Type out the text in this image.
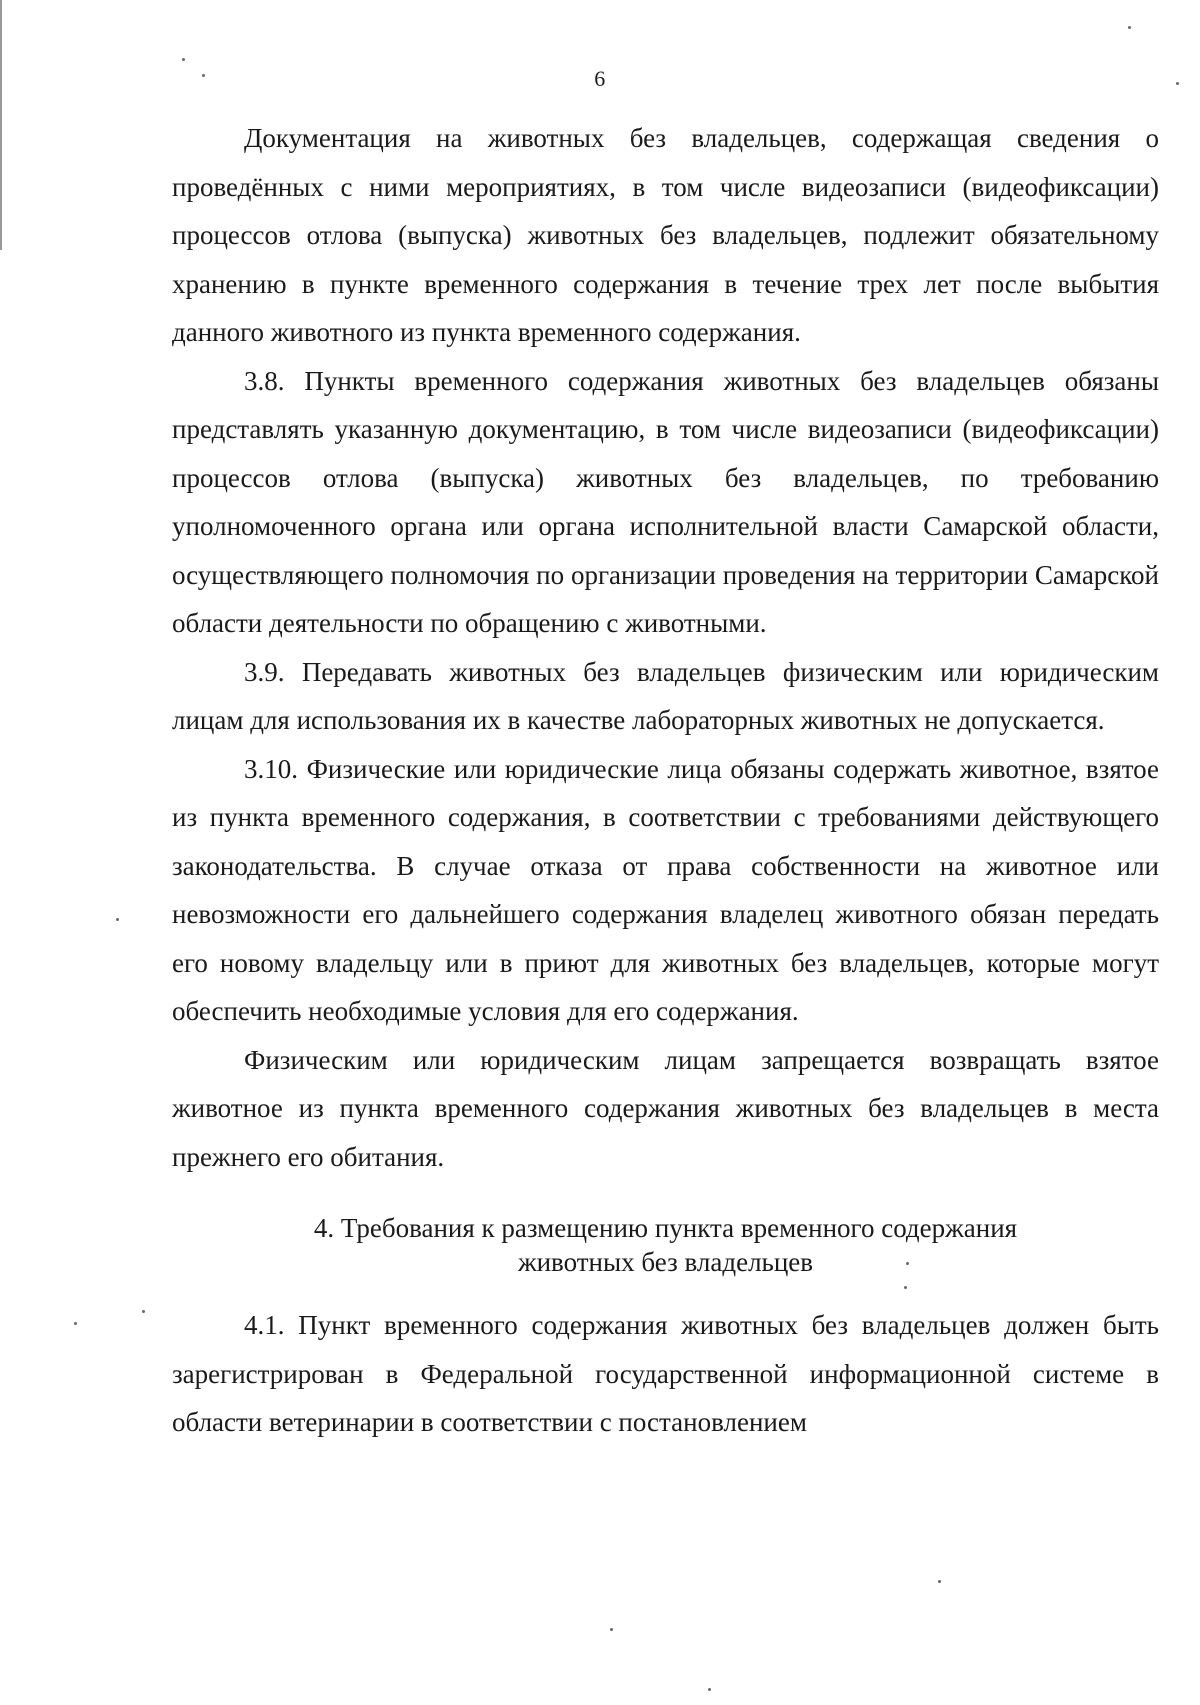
6

Документация на животных без владельцев, содержащая сведения о проведённых с ними мероприятиях, в том числе видеозаписи (видеофиксации) процессов отлова (выпуска) животных без владельцев, подлежит обязательному хранению в пункте временного содержания в течение трех лет после выбытия данного животного из пункта временного содержания.

3.8. Пункты временного содержания животных без владельцев обязаны представлять указанную документацию, в том числе видеозаписи (видеофиксации) процессов отлова (выпуска) животных без владельцев, по требованию уполномоченного органа или органа исполнительной власти Самарской области, осуществляющего полномочия по организации проведения на территории Самарской области деятельности по обращению с животными.

3.9. Передавать животных без владельцев физическим или юридическим лицам для использования их в качестве лабораторных животных не допускается.

3.10. Физические или юридические лица обязаны содержать животное, взятое из пункта временного содержания, в соответствии с требованиями действующего законодательства. В случае отказа от права собственности на животное или невозможности его дальнейшего содержания владелец животного обязан передать его новому владельцу или в приют для животных без владельцев, которые могут обеспечить необходимые условия для его содержания.

Физическим или юридическим лицам запрещается возвращать взятое животное из пункта временного содержания животных без владельцев в места прежнего его обитания.

4. Требования к размещению пункта временного содержания
животных без владельцев

4.1. Пункт временного содержания животных без владельцев должен быть зарегистрирован в Федеральной государственной информационной системе в области ветеринарии в соответствии с постановлением
